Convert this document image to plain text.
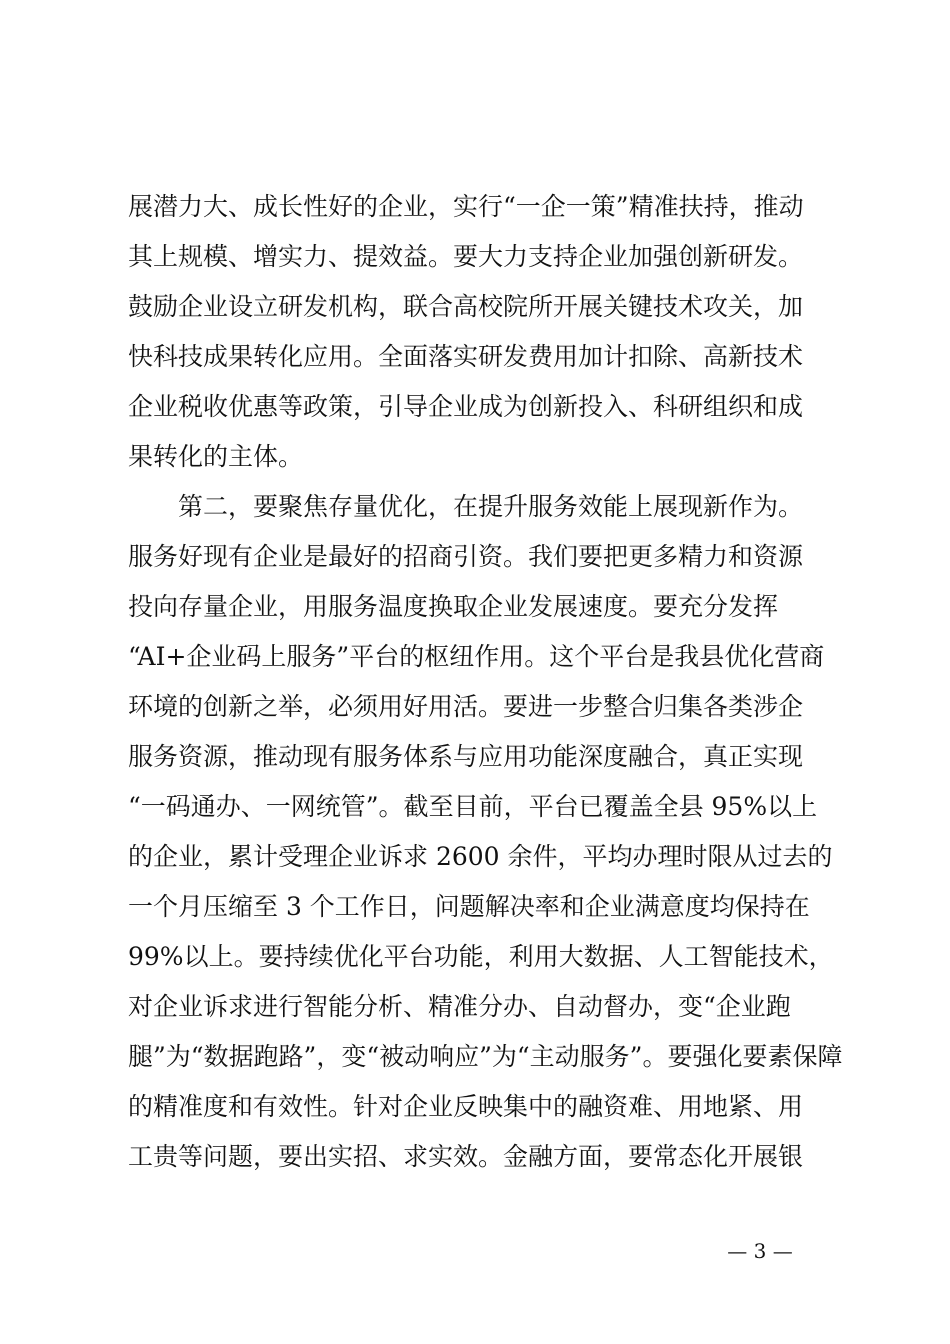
展潜力大、成长性好的企业，实行“一企一策”精准扶持，推动
其上规模、增实力、提效益。要大力支持企业加强创新研发。
鼓励企业设立研发机构，联合高校院所开展关键技术攻关，加
快科技成果转化应用。全面落实研发费用加计扣除、高新技术
企业税收优惠等政策，引导企业成为创新投入、科研组织和成
果转化的主体。
　　第二，要聚焦存量优化，在提升服务效能上展现新作为。
服务好现有企业是最好的招商引资。我们要把更多精力和资源
投向存量企业，用服务温度换取企业发展速度。要充分发挥
“AI+企业码上服务”平台的枢纽作用。这个平台是我县优化营商
环境的创新之举，必须用好用活。要进一步整合归集各类涉企
服务资源，推动现有服务体系与应用功能深度融合，真正实现
“一码通办、一网统管”。截至目前，平台已覆盖全县 95%以上
的企业，累计受理企业诉求 2600 余件，平均办理时限从过去的
一个月压缩至 3 个工作日，问题解决率和企业满意度均保持在
99%以上。要持续优化平台功能，利用大数据、人工智能技术，
对企业诉求进行智能分析、精准分办、自动督办，变“企业跑
腿”为“数据跑路”，变“被动响应”为“主动服务”。要强化要素保障
的精准度和有效性。针对企业反映集中的融资难、用地紧、用
工贵等问题，要出实招、求实效。金融方面，要常态化开展银
— 3 —
